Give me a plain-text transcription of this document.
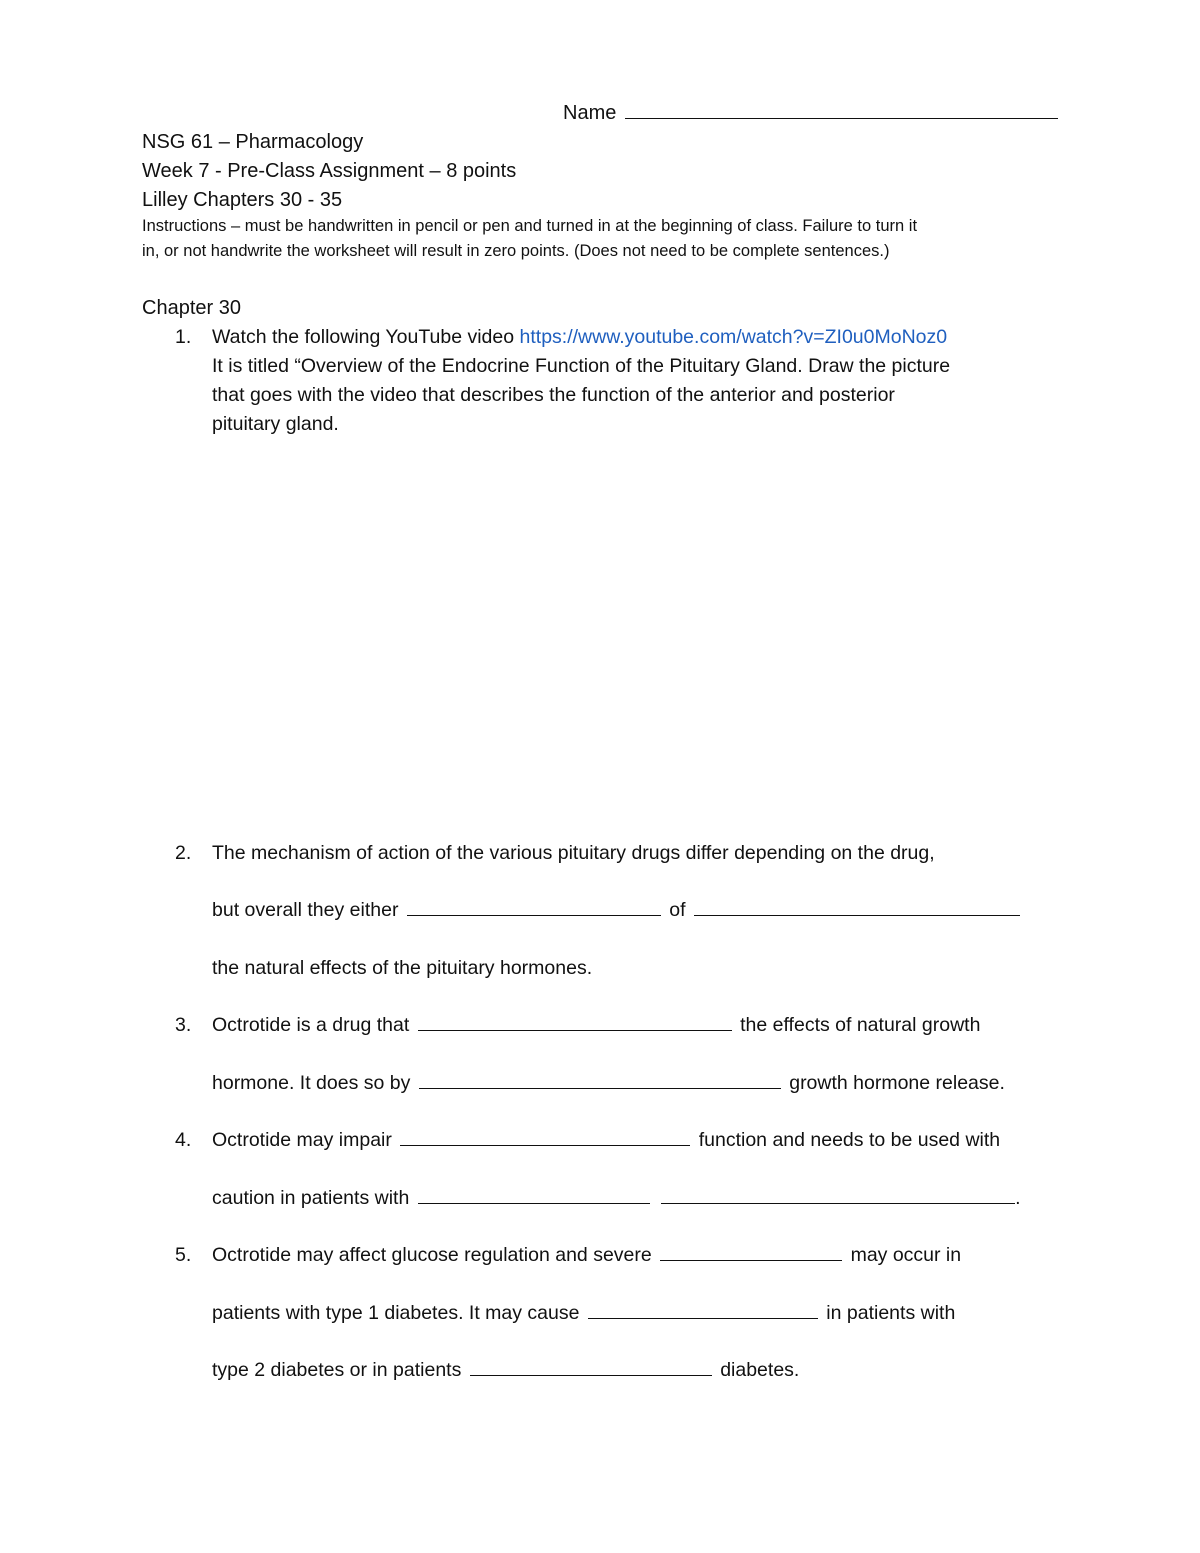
Name
NSG 61 – Pharmacology
Week 7 - Pre-Class Assignment – 8 points
Lilley Chapters 30 - 35
Instructions – must be handwritten in pencil or pen and turned in at the beginning of class. Failure to turn it
in, or not handwrite the worksheet will result in zero points. (Does not need to be complete sentences.)
Chapter 30
1. Watch the following YouTube video https://www.youtube.com/watch?v=ZI0u0MoNoz0
It is titled “Overview of the Endocrine Function of the Pituitary Gland. Draw the picture
that goes with the video that describes the function of the anterior and posterior
pituitary gland.
2. The mechanism of action of the various pituitary drugs differ depending on the drug,
but overall they either	of
the natural effects of the pituitary hormones.
3. Octrotide is a drug that	the effects of natural growth
hormone. It does so by	growth hormone release.
4. Octrotide may impair	function and needs to be used with
caution in patients with	.
5. Octrotide may affect glucose regulation and severe	may occur in
patients with type 1 diabetes. It may cause	in patients with
type 2 diabetes or in patients	diabetes.
